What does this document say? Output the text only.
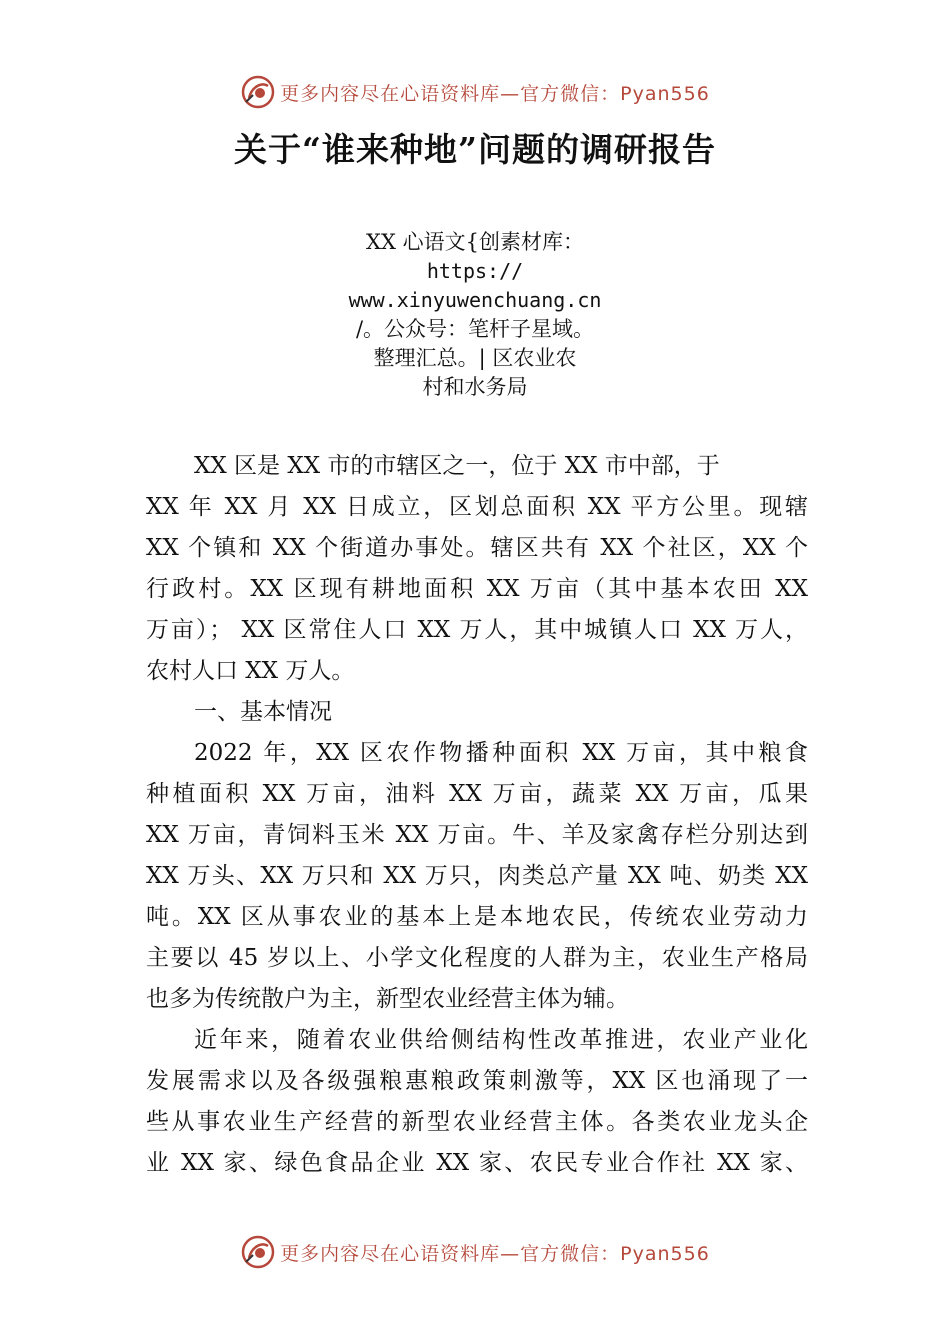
更多内容尽在心语资料库—官方微信：Pyan556
关于“谁来种地”问题的调研报告
XX 心语文{创素材库：
https://
www.xinyuwenchuang.cn
/。公众号：笔杆子星域。
整理汇总。| 区农业农
村和水务局
XX 区是 XX 市的市辖区之一，位于 XX 市中部，于
XX 年 XX 月 XX 日成立，区划总面积 XX 平方公里。现辖
XX 个镇和 XX 个街道办事处。辖区共有 XX 个社区，XX 个
行政村。XX 区现有耕地面积 XX 万亩（其中基本农田 XX
万亩）； XX 区常住人口 XX 万人，其中城镇人口 XX 万人，
农村人口 XX 万人。
一、基本情况
2022 年，XX 区农作物播种面积 XX 万亩，其中粮食
种植面积 XX 万亩，油料 XX 万亩，蔬菜 XX 万亩，瓜果
XX 万亩，青饲料玉米 XX 万亩。牛、羊及家禽存栏分别达到
XX 万头、XX 万只和 XX 万只，肉类总产量 XX 吨、奶类 XX
吨。XX 区从事农业的基本上是本地农民，传统农业劳动力
主要以 45 岁以上、小学文化程度的人群为主，农业生产格局
也多为传统散户为主，新型农业经营主体为辅。
近年来，随着农业供给侧结构性改革推进，农业产业化
发展需求以及各级强粮惠粮政策刺激等，XX 区也涌现了一
些从事农业生产经营的新型农业经营主体。各类农业龙头企
业 XX 家、绿色食品企业 XX 家、农民专业合作社 XX 家、
更多内容尽在心语资料库—官方微信：Pyan556
